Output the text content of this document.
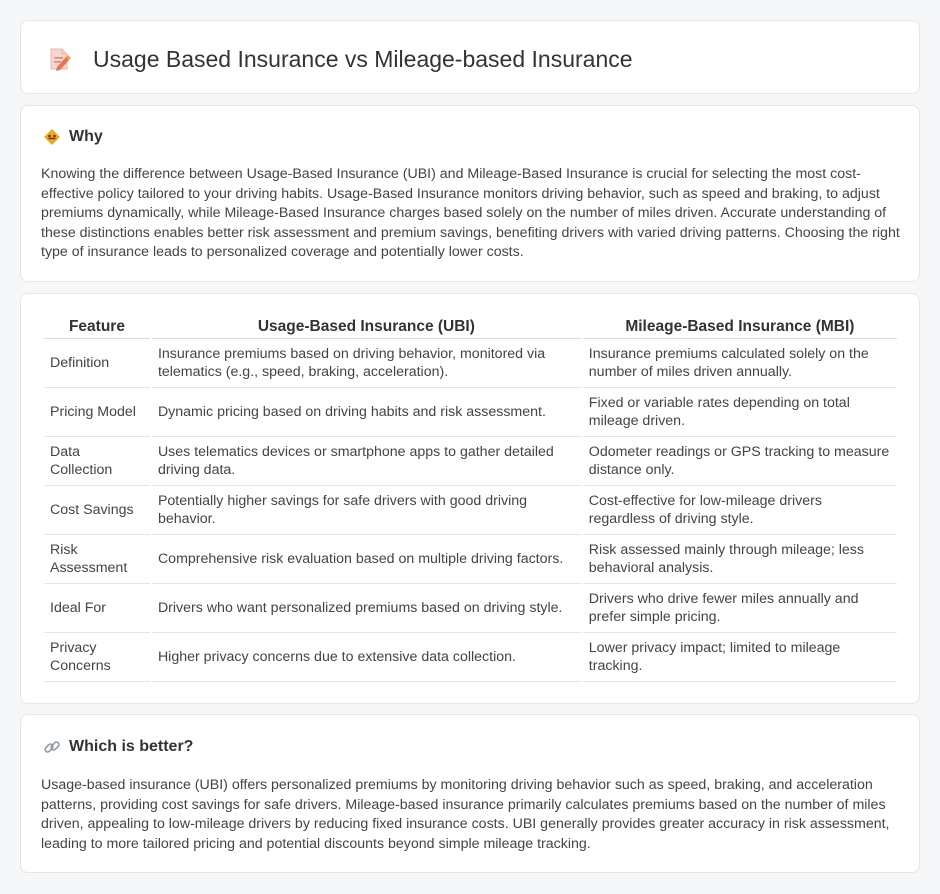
Usage Based Insurance vs Mileage-based Insurance
Why

Knowing the difference between Usage-Based Insurance (UBI) and Mileage-Based Insurance is crucial for selecting the most cost-effective policy tailored to your driving habits. Usage-Based Insurance monitors driving behavior, such as speed and braking, to adjust premiums dynamically, while Mileage-Based Insurance charges based solely on the number of miles driven. Accurate understanding of these distinctions enables better risk assessment and premium savings, benefiting drivers with varied driving patterns. Choosing the right type of insurance leads to personalized coverage and potentially lower costs.

Feature	Usage-Based Insurance (UBI)	Mileage-Based Insurance (MBI)
Definition	Insurance premiums based on driving behavior, monitored via telematics (e.g., speed, braking, acceleration).	Insurance premiums calculated solely on the number of miles driven annually.
Pricing Model	Dynamic pricing based on driving habits and risk assessment.	Fixed or variable rates depending on total mileage driven.
Data Collection	Uses telematics devices or smartphone apps to gather detailed driving data.	Odometer readings or GPS tracking to measure distance only.
Cost Savings	Potentially higher savings for safe drivers with good driving behavior.	Cost-effective for low-mileage drivers regardless of driving style.
Risk Assessment	Comprehensive risk evaluation based on multiple driving factors.	Risk assessed mainly through mileage; less behavioral analysis.
Ideal For	Drivers who want personalized premiums based on driving style.	Drivers who drive fewer miles annually and prefer simple pricing.
Privacy Concerns	Higher privacy concerns due to extensive data collection.	Lower privacy impact; limited to mileage tracking.
Which is better?

Usage-based insurance (UBI) offers personalized premiums by monitoring driving behavior such as speed, braking, and acceleration patterns, providing cost savings for safe drivers. Mileage-based insurance primarily calculates premiums based on the number of miles driven, appealing to low-mileage drivers by reducing fixed insurance costs. UBI generally provides greater accuracy in risk assessment, leading to more tailored pricing and potential discounts beyond simple mileage tracking.
